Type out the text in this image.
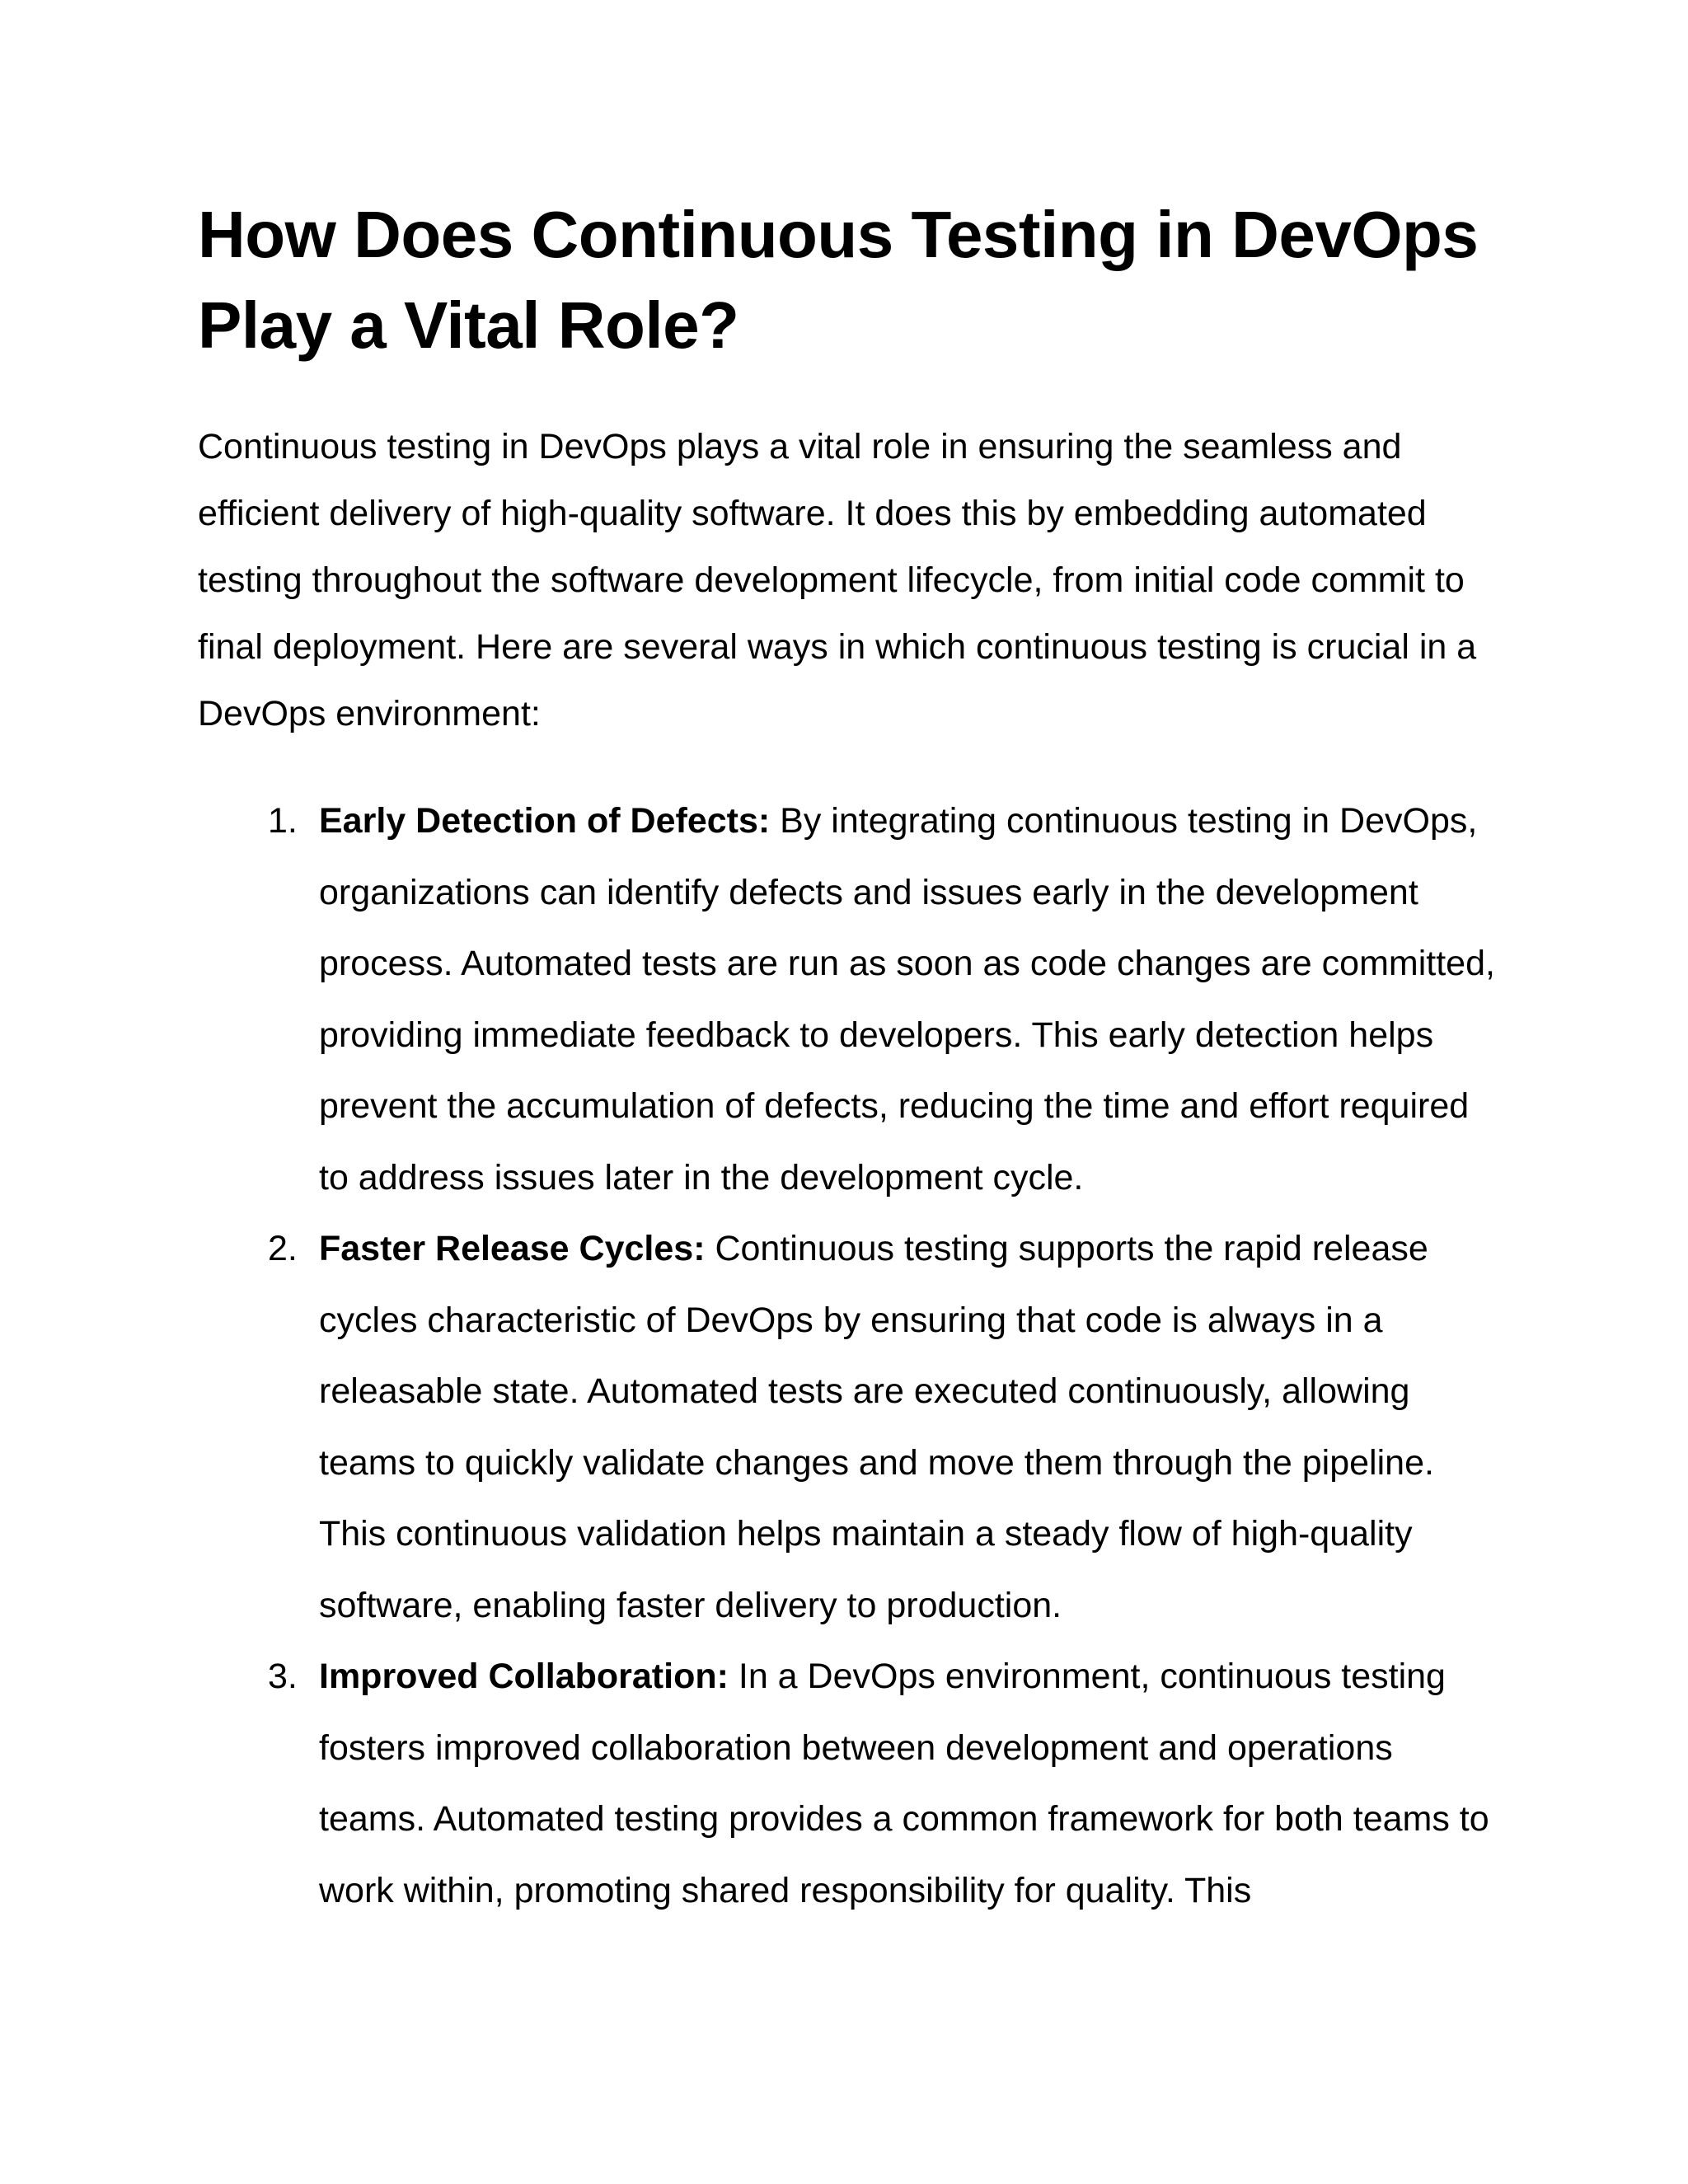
How Does Continuous Testing in DevOps Play a Vital Role?

Continuous testing in DevOps plays a vital role in ensuring the seamless and efficient delivery of high-quality software. It does this by embedding automated testing throughout the software development lifecycle, from initial code commit to final deployment. Here are several ways in which continuous testing is crucial in a DevOps environment:

1. Early Detection of Defects: By integrating continuous testing in DevOps, organizations can identify defects and issues early in the development process. Automated tests are run as soon as code changes are committed, providing immediate feedback to developers. This early detection helps prevent the accumulation of defects, reducing the time and effort required to address issues later in the development cycle.
2. Faster Release Cycles: Continuous testing supports the rapid release cycles characteristic of DevOps by ensuring that code is always in a releasable state. Automated tests are executed continuously, allowing teams to quickly validate changes and move them through the pipeline. This continuous validation helps maintain a steady flow of high-quality software, enabling faster delivery to production.
3. Improved Collaboration: In a DevOps environment, continuous testing fosters improved collaboration between development and operations teams. Automated testing provides a common framework for both teams to work within, promoting shared responsibility for quality. This
